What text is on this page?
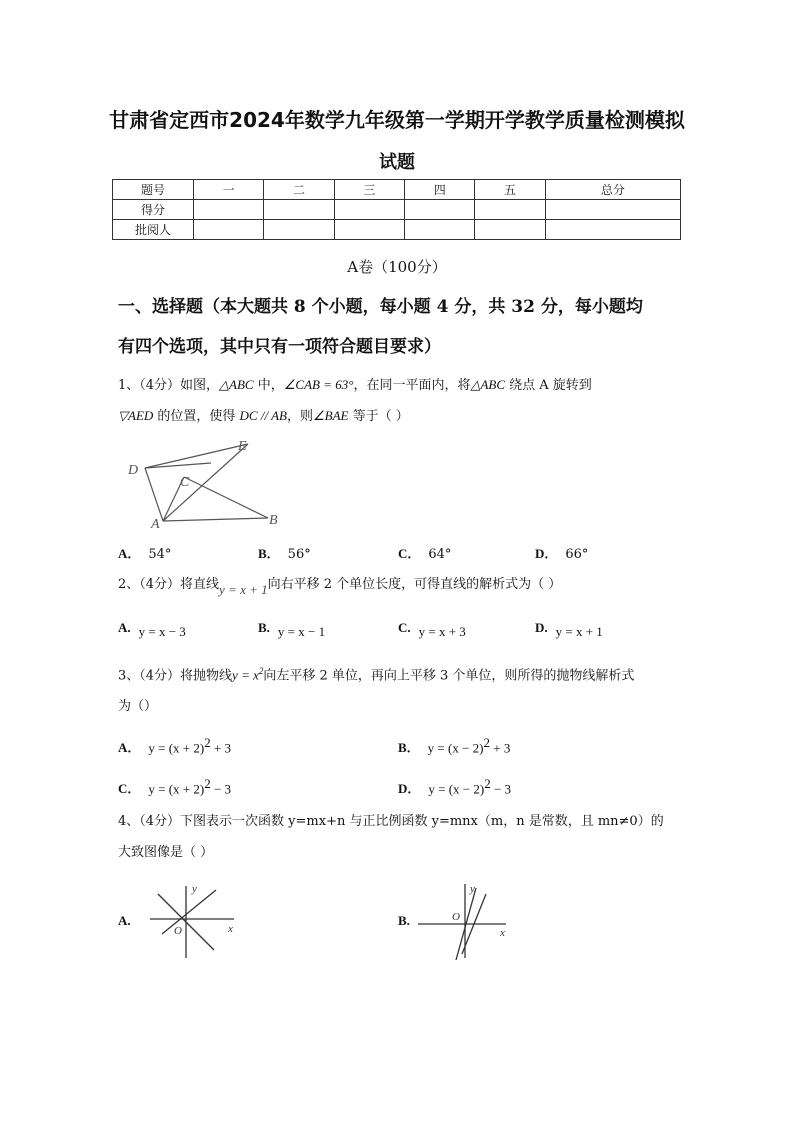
甘肃省定西市2024年数学九年级第一学期开学教学质量检测模拟
试题
题号	一	二	三	四	五	总分
得分						
批阅人						
A卷（100分）
一、选择题（本大题共 8 个小题，每小题 4 分，共 32 分，每小题均
有四个选项，其中只有一项符合题目要求）
1、（4分）如图，△ABC 中，∠CAB = 63°，在同一平面内，将△ABC 绕点 A 旋转到
▽AED 的位置，使得 DC // AB，则∠BAE 等于（ ）
D
E
C
A	B
A． 54°	B． 56°	C． 64°	D． 66°
2、（4分）将直线y = x + 1向右平移 2 个单位长度，可得直线的解析式为（ ）
A. y = x − 3	B. y = x − 1	C. y = x + 3	D. y = x + 1
3、（4分）将抛物线$y = x^2$向左平移 2 单位，再向上平移 3 个单位，则所得的抛物线解析式
为（）
A． $y = (x + 2)^2 + 3$	B． $y = (x - 2)^2 + 3$
C． $y = (x + 2)^2 - 3$	D． $y = (x - 2)^2 - 3$
4、（4分）下图表示一次函数 y=mx+n 与正比例函数 y=mnx（m，n 是常数，且 mn≠0）的
大致图像是（ ）
A.
y
x
O
B.
y
x
O
